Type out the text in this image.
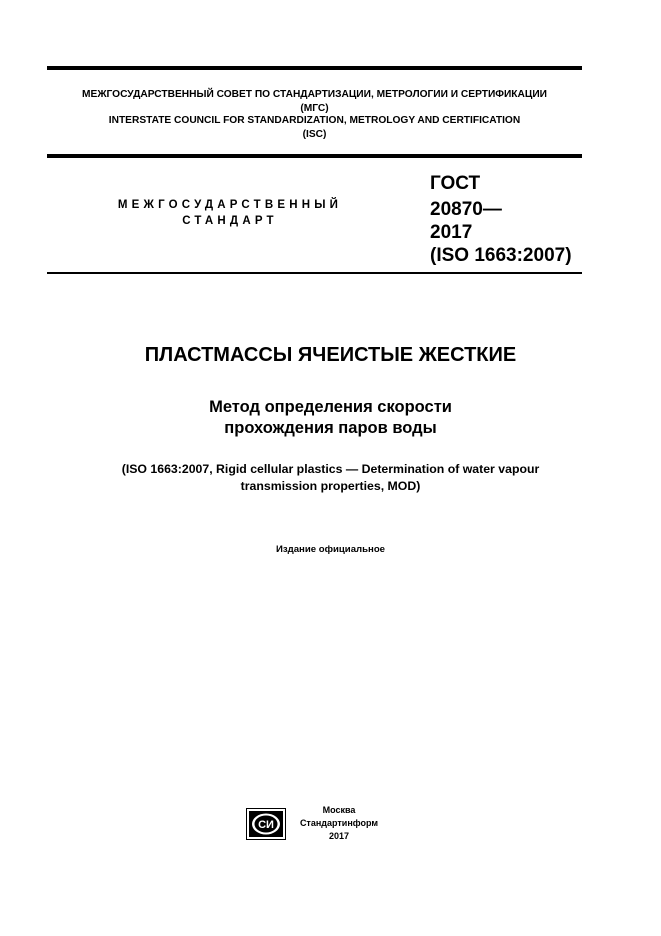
МЕЖГОСУДАРСТВЕННЫЙ СОВЕТ ПО СТАНДАРТИЗАЦИИ, МЕТРОЛОГИИ И СЕРТИФИКАЦИИ
(МГС)
INTERSTATE COUNCIL FOR STANDARDIZATION, METROLOGY AND CERTIFICATION
(ISC)
МЕЖГОСУДАРСТВЕННЫЙ
СТАНДАРТ
ГОСТ
20870—
2017
(ISO 1663:2007)
ПЛАСТМАССЫ ЯЧЕИСТЫЕ ЖЕСТКИЕ
Метод определения скорости
прохождения паров воды
(ISO 1663:2007, Rigid cellular plastics — Determination of water vapour
transmission properties, MOD)
Издание официальное
СИ
Москва
Стандартинформ
2017
